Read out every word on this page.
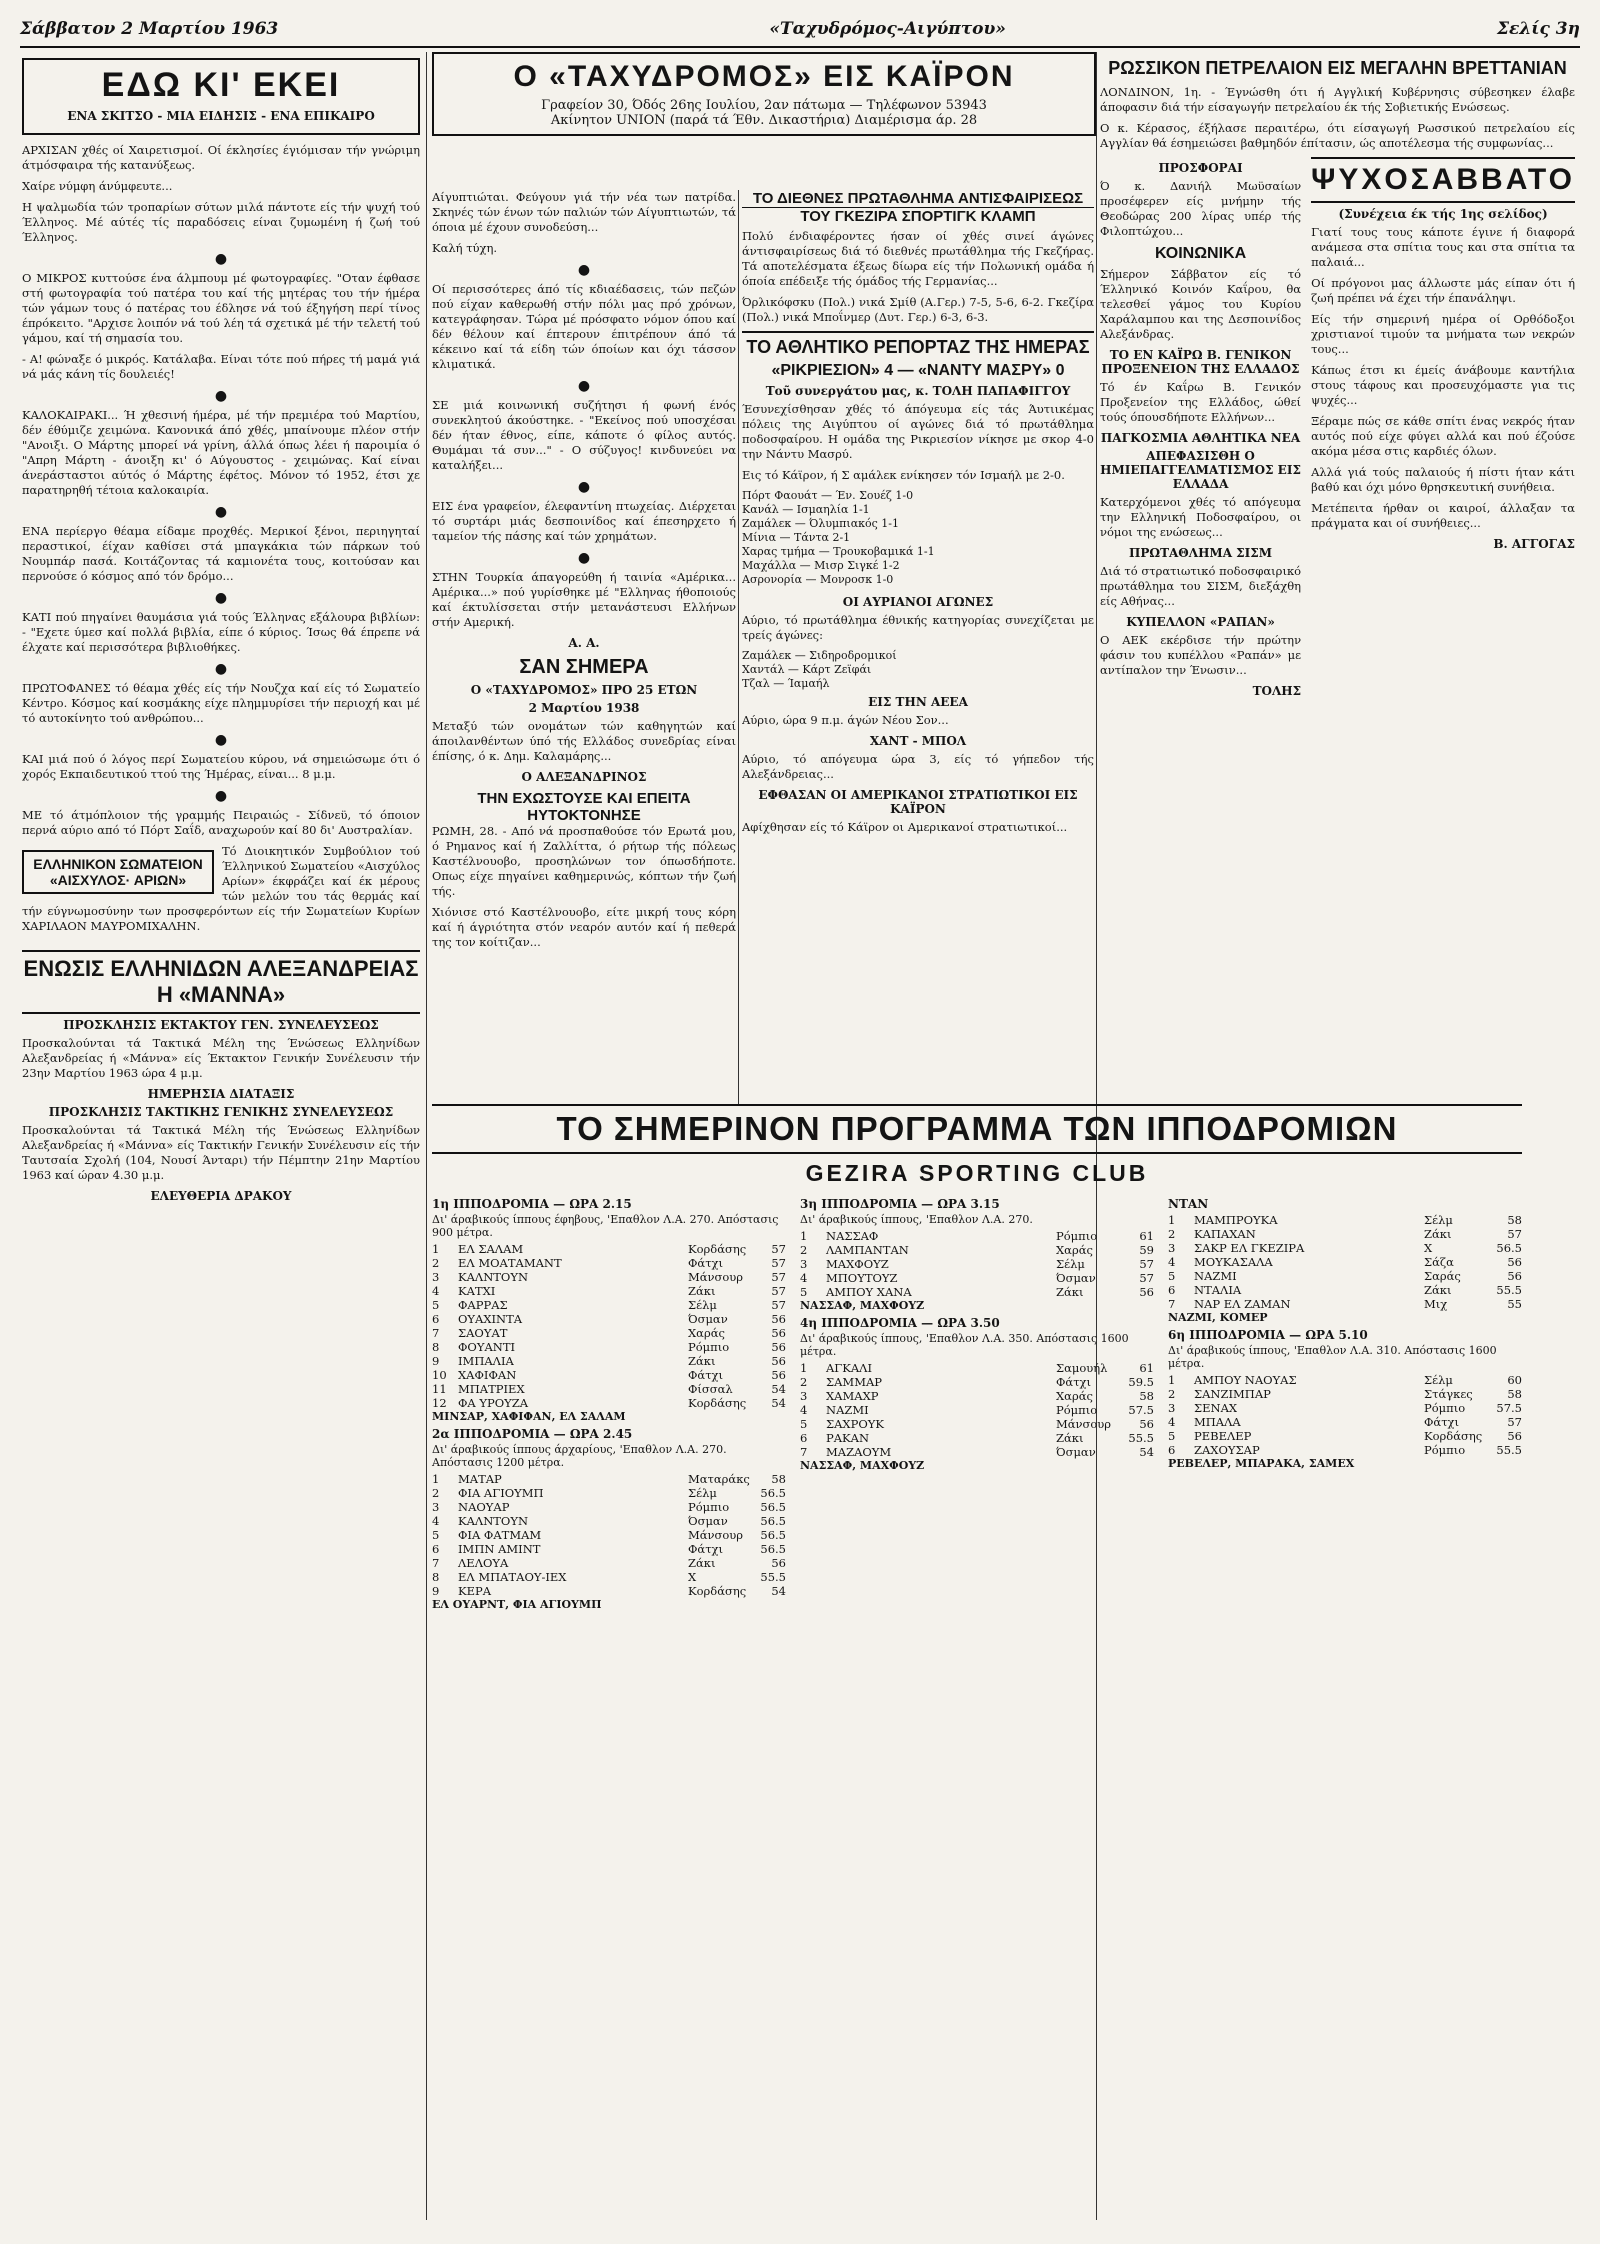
Σάββατον 2 Μαρτίου 1963	«Ταχυδρόμος-Αιγύπτου»	Σελίς 3η
ΕΔΩ ΚΙ' ΕΚΕΙ
ΕΝΑ ΣΚΙΤΣΟ - ΜΙΑ ΕΙΔΗΣΙΣ - ΕΝΑ ΕΠΙΚΑΙΡΟ

ΑΡΧΙΣΑΝ χθές οί Χαιρετισμοί. Οί έκλησίες έγιόμισαν τήν γνώριμη άτμόσφαιρα τής κατανύξεως.

Χαίρε νύμφη άνύμφευτε...

Η ψαλμωδία τών τροπαρίων σύτων μιλά πάντοτε είς τήν ψυχή τού Έλληνος. Μέ αύτές τίς παραδόσεις είναι ζυμωμένη ή ζωή τού Έλληνος.

●

Ο ΜΙΚΡΟΣ κυττούσε ένα άλμπουμ μέ φωτογραφίες. "Οταν έφθασε στή φωτογραφία τού πατέρα του καί τής μητέρας του τήν ήμέρα τών γάμων τους ό πατέρας του έδλησε νά τού έξηγήση περί τίνος έπρόκειτο. "Αρχισε λοιπόν νά τού λέη τά σχετικά μέ τήν τελετή τού γάμου, καί τή σημασία του.

- Α! φώναξε ό μικρός. Κατάλαβα. Είναι τότε πού πήρες τή μαμά γιά νά μάς κάνη τίς δουλειές!

●

ΚΑΛΟΚΑΙΡΑΚΙ... Ή χθεσινή ήμέρα, μέ τήν πρεμιέρα τού Μαρτίου, δέν έθύμιζε χειμώνα. Κανονικά άπό χθές, μπαίνουμε πλέον στήν "Ανοιξι. Ο Μάρτης μπορεί νά γρίνη, άλλά όπως λέει ή παροιμία ό "Απρη Μάρτη - άνοιξη κι' ό Αύγουστος - χειμώνας. Καί είναι άνεράσταστοι αύτός ό Μάρτης έφέτος. Μόνον τό 1952, έτσι χε παρατηρηθή τέτοια καλοκαιρία.

●

ΕΝΑ περίεργο θέαμα είδαμε προχθές. Μερικοί ξένοι, περιηγηταί περαστικοί, έίχαν καθίσει στά μπαγκάκια τών πάρκων τού Νουμπάρ πασά. Κοιτάζοντας τά καμιονέτα τους, κοιτούσαν και περνούσε ό κόσμος από τόν δρόμο...

●

ΚΑΤΙ πού πηγαίνει θαυμάσια γιά τούς Έλληνας εξάλουρα βιβλίων: - "Εχετε ύμεσ καί πολλά βιβλία, είπε ό κύριος. Ίσως θά έπρεπε νά έλχατε καί περισσότερα βιβλιοθήκες.

●

ΠΡΩΤΟΦΑΝΕΣ τό θέαμα χθές είς τήν Νουζχα καί είς τό Σωματείο Κέντρο. Κόσμος καί κοσμάκης είχε πλημμυρίσει τήν περιοχή και μέ τό αυτοκίνητο τού ανθρώπου...

●

ΚΑΙ μιά πού ό λόγος περί Σωματείου κύρου, νά σημειώσωμε ότι ό χορός Εκπαιδευτικού ττού της Ήμέρας, είναι... 8 μ.μ.

●

ΜΕ τό άτμόπλοιον τής γραμμής Πειραιώς - Σίδνεϋ, τό όποιον περνά αύριο από τό Πόρτ Σαΐδ, αναχωρούν καί 80 δι' Αυστραλίαν.

ΕΛΛΗΝΙΚΟΝ ΣΩΜΑΤΕΙΟΝ «ΑΙΣΧΥΛΟΣ· ΑΡΙΩΝ»

Τό Διοικητικόν Συμβούλιον τού Έλληνικού Σωματείου «Αισχύλος Αρίων» έκφράζει καί έκ μέρους τών μελών του τάς θερμάς καί τήν εύγνωμοσύνην των προσφερόντων είς τήν Σωματείων Κυρίων ΧΑΡΙΛΑΟΝ ΜΑΥΡΟΜΙΧΑΛΗΝ.

ΕΝΩΣΙΣ ΕΛΛΗΝΙΔΩΝ ΑΛΕΞΑΝΔΡΕΙΑΣ Η «ΜΑΝΝΑ»
ΠΡΟΣΚΛΗΣΙΣ ΕΚΤΑΚΤΟΥ ΓΕΝ. ΣΥΝΕΛΕΥΣΕΩΣ

Προσκαλούνται τά Τακτικά Μέλη της Ένώσεως Ελληνίδων Αλεξανδρείας ή «Μάννα» είς Έκτακτον Γενικήν Συνέλευσιν τήν 23ην Μαρτίου 1963 ώρα 4 μ.μ.

ΗΜΕΡΗΣΙΑ ΔΙΑΤΑΞΙΣ
ΠΡΟΣΚΛΗΣΙΣ ΤΑΚΤΙΚΗΣ ΓΕΝΙΚΗΣ ΣΥΝΕΛΕΥΣΕΩΣ

Προσκαλούνται τά Τακτικά Μέλη τής Ένώσεως Ελληνίδων Αλεξανδρείας ή «Μάννα» είς Τακτικήν Γενικήν Συνέλευσιν είς τήν Ταυτσαία Σχολή (104, Νουσί Άνταρι) τήν Πέμπτην 21ην Μαρτίου 1963 καί ώραν 4.30 μ.μ.

ΕΛΕΥΘΕΡΙΑ ΔΡΑΚΟΥ

Αίγυπτιώται. Φεύγουν γιά τήν νέα των πατρίδα. Σκηνές τών ένων τών παλιών τών Αίγυπτιωτών, τά όποια μέ έχουν συνοδεύση...

Καλή τύχη.

●

Οί περισσότερες άπό τίς κδιαέδασεις, τών πεζών πού είχαν καθερωθή στήν πόλι μας πρό χρόνων, κατεγράφησαν. Τώρα μέ πρόσφατο νόμον όπου καί δέν θέλουν καί έπτερουν έπιτρέπουν άπό τά κέκεινο καί τά είδη τών όποίων και όχι τάσσον κλιματικά.

●

ΣΕ μιά κοινωνική συζήτησι ή φωνή ένός συνεκλητού άκούστηκε. - "Εκείνος πού υποσχέσαι δέν ήταν έθνος, είπε, κάποτε ό φίλος αυτός. Θυμάμαι τά συν..." - Ο σύζυγος! κινδυνεύει να καταλήξει...

●

ΕΙΣ ένα γραφείον, έλεφαντίνη πτωχείας. Διέρχεται τό συρτάρι μιάς δεσποινίδος καί έπεσηρχετο ή ταμείον τής πάσης καί τών χρημάτων.

●

ΣΤΗΝ Τουρκία άπαγορεύθη ή ταινία «Αμέρικα... Αμέρικα...» πού γυρίσθηκε μέ "Ελληνας ήθοποιούς καί έκτυλίσσεται στήν μετανάστευσι Ελλήνων στήν Αμερική.

Α. Α.
ΣΑΝ ΣΗΜΕΡΑ
Ο «ΤΑΧΥΔΡΟΜΟΣ» ΠΡΟ 25 ΕΤΩΝ
2 Μαρτίου 1938

Μεταξύ τών ονομάτων τών καθηγητών καί άποιλανθέντων ύπό τής Ελλάδος συνεδρίας είναι έπίσης, ό κ. Δημ. Καλαμάρης...

Ο ΑΛΕΞΑΝΔΡΙΝΟΣ
ΤΗΝ ΕΧΩΣΤΟΥΣΕ ΚΑΙ ΕΠΕΙΤΑ ΗΥΤΟΚΤΟΝΗΣΕ

ΡΩΜΗ, 28. - Από νά προσπαθούσε τόν Ερωτά μου, ό Ρημανος καί ή Ζαλλίττα, ό ρήτωρ τής πόλεως Καστέλνουοβο, προσηλώνων τον όπωσδήποτε. Οπως είχε πηγαίνει καθημερινώς, κόπτων τήν ζωή τής.

Χιόνισε στό Καστέλνουοβο, είτε μικρή τους κόρη καί ή άγριότητα στόν νεαρόν αυτόν καί ή πεθερά της τον κοίτιζαν...

Ο «ΤΑΧΥΔΡΟΜΟΣ» ΕΙΣ ΚΑΪΡΟΝ
Γραφείον 30, Όδός 26ης Ιουλίου, 2αν πάτωμα — Τηλέφωνον 53943
Ακίνητον UNION (παρά τά Έθν. Δικαστήρια) Διαμέρισμα άρ. 28
ΤΟ ΔΙΕΘΝΕΣ ΠΡΩΤΑΘΛΗΜΑ ΑΝΤΙΣΦΑΙΡΙΣΕΩΣ
ΤΟΥ ΓΚΕΖΙΡΑ ΣΠΟΡΤΙΓΚ ΚΛΑΜΠ

Πολύ ένδιαφέροντες ήσαν οί χθές σινεί άγώνες άντισφαιρίσεως διά τό διεθνές πρωτάθλημα τής Γκεζήρας. Τά αποτελέσματα έξεως δίωρα είς τήν Πολωνική ομάδα ή όποία επέδειξε τής όμάδος τής Γερμανίας...

Όρλικόφσκυ (Πολ.) νικά Σμίθ (Α.Γερ.) 7-5, 5-6, 6-2. Γκεζίρα (Πολ.) νικά Μποΐνμερ (Δυτ. Γερ.) 6-3, 6-3.

ΤΟ ΑΘΛΗΤΙΚΟ ΡΕΠΟΡΤΑΖ ΤΗΣ ΗΜΕΡΑΣ
«ΡΙΚΡΙΕΣΙΟΝ» 4 — «ΝΑΝΤΥ ΜΑΣΡΥ» 0
Τοῦ συνεργάτου μας, κ. ΤΟΛΗ ΠΑΠΑΦΙΓΓΟΥ

Έσυνεχίσθησαν χθές τό άπόγευμα είς τάς Άυτιικέμας πόλεις της Αιγύπτου οί αγώνες διά τό πρωτάθλημα ποδοσφαίρου. Η ομάδα της Ρικριεσίον νίκησε με σκορ 4-0 την Νάντυ Μασρύ.

Εις τό Κάϊρον, ή Σ αμάλεκ ενίκησεν τόν Ισμαήλ με 2-0.

Πόρτ Φαουάτ — Έν. Σουέζ 1-0
Κανάλ — Ισμαηλία 1-1
Ζαμάλεκ — Όλυμπιακός 1-1
Μίνια — Τάντα 2-1
Χαρας τμήμα — Τρουκοβαμικά 1-1
Μαχάλλα — Μισρ Σιγκέ 1-2
Ασρονορία — Μονροσκ 1-0
ΟΙ ΑΥΡΙΑΝΟΙ ΑΓΩΝΕΣ

Αύριο, τό πρωτάθλημα έθνικής κατηγορίας συνεχίζεται με τρείς άγώνες:

Ζαμάλεκ — Σιδηροδρομικοί
Χαντάλ — Κάρτ Ζεϊφάι
Τζαλ — Ίαμαήλ
ΕΙΣ ΤΗΝ ΑΕΕΑ

Αύριο, ώρα 9 π.μ. άγών Νέου Σον...

ΧΑΝΤ - ΜΠΟΛ

Αύριο, τό απόγευμα ώρα 3, είς τό γήπεδον τής Αλεξάνδρειας...

ΕΦΘΑΣΑΝ ΟΙ ΑΜΕΡΙΚΑΝΟΙ ΣΤΡΑΤΙΩΤΙΚΟΙ ΕΙΣ ΚΑΪΡΟΝ

Αφίχθησαν είς τό Κάϊρον οι Αμερικανοί στρατιωτικοί...

ΡΩΣΣΙΚΟΝ ΠΕΤΡΕΛΑΙΟΝ ΕΙΣ ΜΕΓΑΛΗΝ ΒΡΕΤΤΑΝΙΑΝ

ΛΟΝΔΙΝΟΝ, 1η. - Έγνώσθη ότι ή Αγγλική Κυβέρνησις σύβεσηκεν έλαβε άποφασιν διά τήν είσαγωγήν πετρελαίου έκ τής Σοβιετικής Ενώσεως.

Ο κ. Κέρασος, έξήλασε περαιτέρω, ότι είσαγωγή Ρωσσικού πετρελαίου είς Αγγλίαν θά έσημειώσει βαθμηδόν έπίτασιν, ώς αποτέλεσμα τής συμφωνίας...

ΠΡΟΣΦΟΡΑΙ

Ό κ. Δανιήλ Μωϋσαίων προσέφερεν είς μνήμην τής Θεοδώρας 200 λίρας υπέρ τής Φιλοπτώχου...

ΚΟΙΝΩΝΙΚΑ

Σήμερον Σάββατον είς τό Έλληνικό Κοινόν Καΐρου, θα τελεσθεί γάμος του Κυρίου Χαράλαμπου και της Δεσποινίδος Αλεξάνδρας.

ΤΟ ΕΝ ΚΑΪΡΩ Β. ΓΕΝΙΚΟΝ ΠΡΟΞΕΝΕΙΟΝ ΤΗΣ ΕΛΛΑΔΟΣ

Τό έν Καΐρω Β. Γενικόν Προξενείον της Ελλάδος, ώθεί τούς όπουσδήποτε Ελλήνων...

ΠΑΓΚΟΣΜΙΑ ΑΘΛΗΤΙΚΑ ΝΕΑ
ΑΠΕΦΑΣΙΣΘΗ Ο ΗΜΙΕΠΑΓΓΕΛΜΑΤΙΣΜΟΣ ΕΙΣ ΕΛΛΑΔΑ

Κατερχόμενοι χθές τό απόγευμα την Ελληνική Ποδοσφαίρου, οι νόμοι της ενώσεως...

ΠΡΩΤΑΘΛΗΜΑ ΣΙΣΜ

Διά τό στρατιωτικό ποδοσφαιρικό πρωτάθλημα του ΣΙΣΜ, διεξάχθη είς Αθήνας...

ΚΥΠΕΛΛΟΝ «ΡΑΠΑΝ»

Ο ΑΕΚ εκέρδισε τήν πρώτην φάσιν του κυπέλλου «Ραπάν» με αντίπαλον την Ένωσιν...

ΤΟΛΗΣ
ΨΥΧΟΣΑΒΒΑΤΟ
(Συνέχεια έκ τής 1ης σελίδος)

Γιατί τους τους κάποτε έγινε ή διαφορά ανάμεσα στα σπίτια τους και στα σπίτια τα παλαιά...

Οί πρόγονοι μας άλλωστε μάς είπαν ότι ή ζωή πρέπει νά έχει τήν έπανάληψι.

Είς τήν σημερινή ημέρα οί Ορθόδοξοι χριστιανοί τιμούν τα μνήματα των νεκρών τους...

Κάπως έτσι κι έμείς άνάβουμε καντήλια στους τάφους και προσευχόμαστε για τις ψυχές...

Ξέραμε πώς σε κάθε σπίτι ένας νεκρός ήταν αυτός πού είχε φύγει αλλά και πού έζούσε ακόμα μέσα στις καρδιές όλων.

Αλλά γιά τούς παλαιούς ή πίστι ήταν κάτι βαθύ και όχι μόνο θρησκευτική συνήθεια.

Μετέπειτα ήρθαν οι καιροί, άλλαξαν τα πράγματα και οί συνήθειες...

Β. ΑΓΓΟΓΑΣ
ΤΟ ΣΗΜΕΡΙΝΟΝ ΠΡΟΓΡΑΜΜΑ ΤΩΝ ΙΠΠΟΔΡΟΜΙΩΝ
GEZIRA SPORTING CLUB
1η ΙΠΠΟΔΡΟΜΙΑ — ΩΡΑ 2.15
Δι' άραβικούς ίππους έφηβους, 'Επαθλον Λ.Α. 270. Απόστασις 900 μέτρα.
1	ΕΛ ΣΑΛΑΜ	Κορδάσης	57
2	ΕΛ ΜΟΑΤΑΜΑΝΤ	Φάτχι	57
3	ΚΑΛΝΤΟΥΝ	Μάνσουρ	57
4	ΚΑΤΧΙ	Ζάκι	57
5	ΦΑΡΡΑΣ	Σέλμ	57
6	ΟΥΑΧΙΝΤΑ	Όσμαν	56
7	ΣΑΟΥΑΤ	Χαράς	56
8	ΦΟΥΑΝΤΙ	Ρόμπιο	56
9	ΙΜΠΑΛΙΑ	Ζάκι	56
10 ΧΑΦΙΦΑΝ	Φάτχι	56
11 ΜΠΑΤΡΙΕΧ	Φίσσαλ	54
12 ΦΑ ΥΡΟΥΖΑ	Κορδάσης	54
ΜΙΝΣΑΡ, ΧΑΦΙΦΑΝ, ΕΛ ΣΑΛΑΜ
2α ΙΠΠΟΔΡΟΜΙΑ — ΩΡΑ 2.45
Δι' άραβικούς ίππους άρχαρίους, 'Επαθλον Λ.Α. 270. Απόστασις 1200 μέτρα.
1	ΜΑΤΑΡ	Ματαράκς	58
2	ΦΙΑ ΑΓΙΟΥΜΠ	Σέλμ	56.5
3	ΝΑΟΥΑΡ	Ρόμπιο	56.5
4	ΚΑΛΝΤΟΥΝ	Όσμαν	56.5
5	ΦΙΑ ΦΑΤΜΑΜ	Μάνσουρ	56.5
6	ΙΜΠΝ ΑΜΙΝΤ	Φάτχι	56.5
7	ΛΕΛΟΥΑ	Ζάκι	56
8	ΕΛ ΜΠΑΤΑΟΥ-ΙΕΧ	Χ	55.5
9	ΚΕΡΑ	Κορδάσης	54
ΕΛ ΟΥΑΡΝΤ, ΦΙΑ ΑΓΙΟΥΜΠ
3η ΙΠΠΟΔΡΟΜΙΑ — ΩΡΑ 3.15
Δι' άραβικούς ίππους, 'Επαθλον Λ.Α. 270.
1	ΝΑΣΣΑΦ	Ρόμπιο	61
2	ΛΑΜΠΑΝΤΑΝ	Χαράς	59
3	ΜΑΧΦΟΥΖ	Σέλμ	57
4	ΜΠΟΥΤΟΥΖ	Όσμαν	57
5	ΑΜΠΟΥ ΧΑΝΑ	Ζάκι	56
ΝΑΣΣΑΦ, ΜΑΧΦΟΥΖ
4η ΙΠΠΟΔΡΟΜΙΑ — ΩΡΑ 3.50
Δι' άραβικούς ίππους, 'Επαθλον Λ.Α. 350. Απόστασις 1600 μέτρα.
1	ΑΓΚΑΛΙ	Σαμουήλ	61
2	ΣΑΜΜΑΡ	Φάτχι	59.5
3	ΧΑΜΑΧΡ	Χαράς	58
4	ΝΑΖΜΙ	Ρόμπιο	57.5
5	ΣΑΧΡΟΥΚ	Μάνσουρ	56
6	ΡΑΚΑΝ	Ζάκι	55.5
7	ΜΑΖΑΟΥΜ	Όσμαν	54
ΝΑΣΣΑΦ, ΜΑΧΦΟΥΖ
ΝΤΑΝ
1	ΜΑΜΠΡΟΥΚΑ	Σέλμ	58
2	ΚΑΠΑΧΑΝ	Ζάκι	57
3	ΣΑΚΡ ΕΛ ΓΚΕΖΙΡΑ	Χ	56.5
4	ΜΟΥΚΑΣΑΛΑ	Σάζα	56
5	ΝΑΖΜΙ	Σαράς	56
6	ΝΤΑΛΙΑ	Ζάκι	55.5
7	ΝΑΡ ΕΛ ΖΑΜΑΝ	Μιχ	55
ΝΑΖΜΙ, ΚΟΜΕΡ
6η ΙΠΠΟΔΡΟΜΙΑ — ΩΡΑ 5.10
Δι' άραβικούς ίππους, 'Επαθλον Λ.Α. 310. Απόστασις 1600 μέτρα.
1	ΑΜΠΟΥ ΝΑΟΥΑΣ	Σέλμ	60
2	ΣΑΝΖΙΜΠΑΡ	Στάγκες	58
3	ΣΕΝΑΧ	Ρόμπιο	57.5
4	ΜΠΑΛΑ	Φάτχι	57
5	ΡΕΒΕΛΕΡ	Κορδάσης	56
6	ΖΑΧΟΥΣΑΡ	Ρόμπιο	55.5
ΡΕΒΕΛΕΡ, ΜΠΑΡΑΚΑ, ΣΑΜΕΧ
